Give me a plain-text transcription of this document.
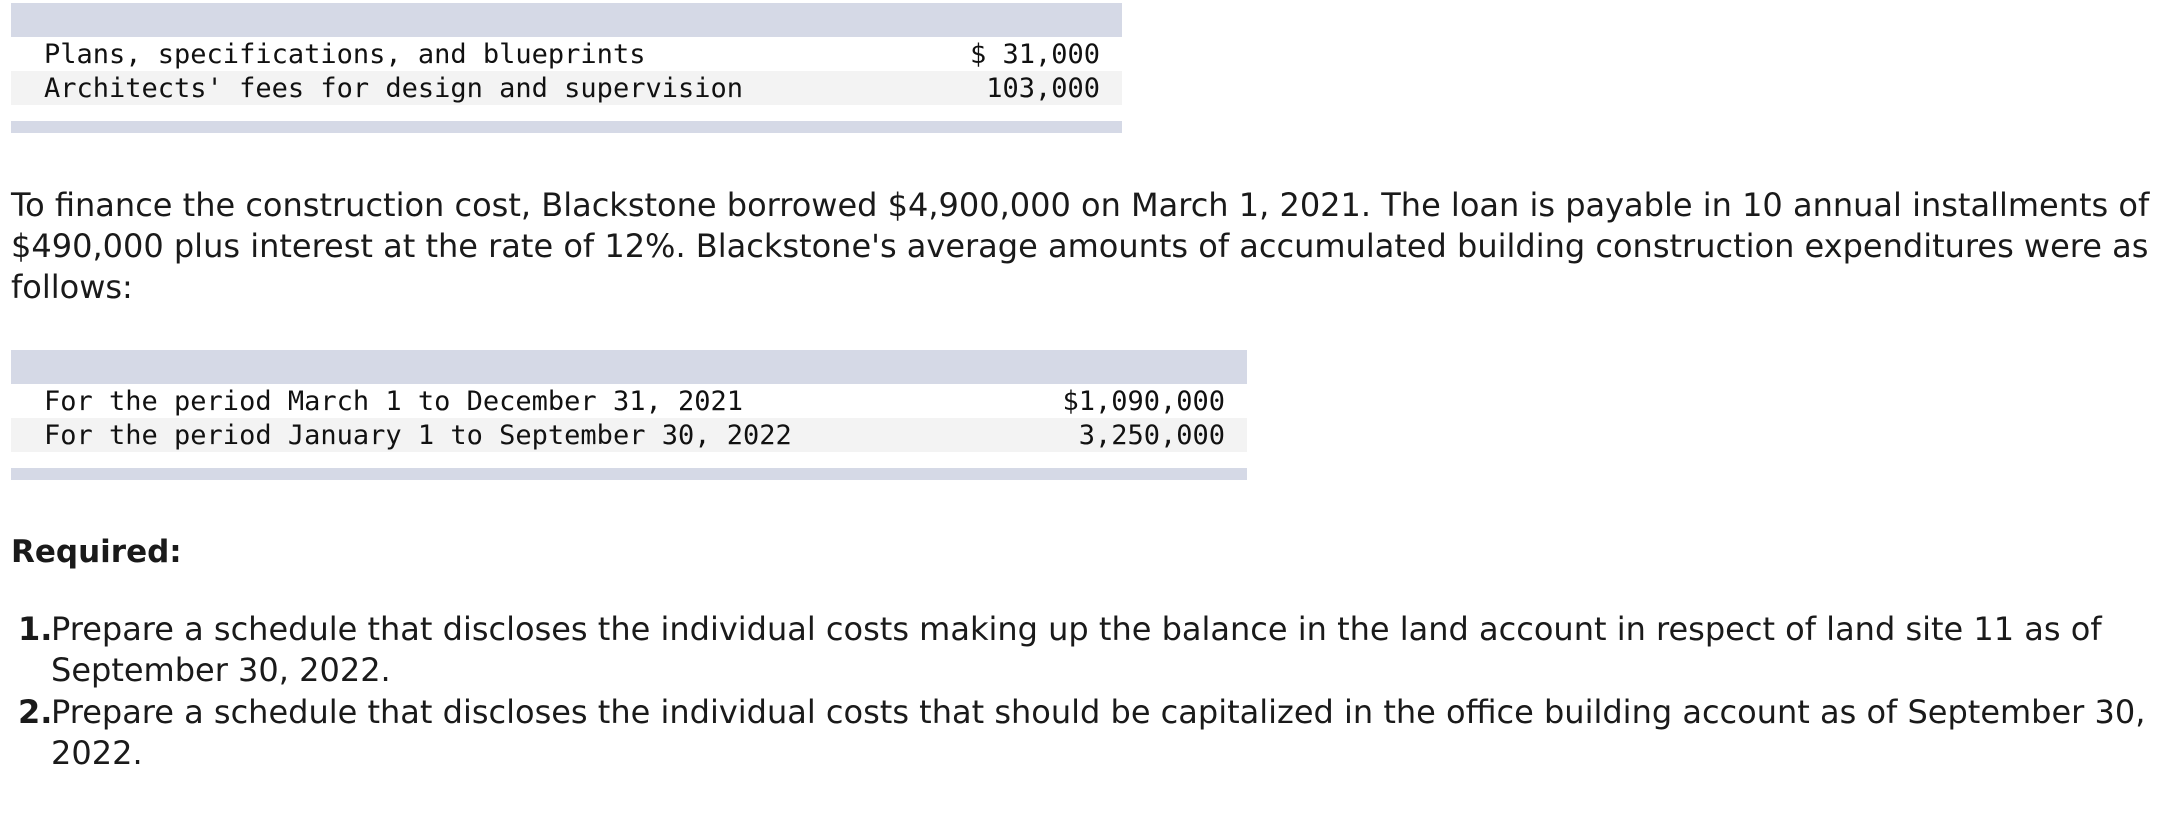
Plans, specifications, and blueprints	$ 31,000
Architects' fees for design and supervision	103,000

To finance the construction cost, Blackstone borrowed $4,900,000 on March 1, 2021. The loan is payable in 10 annual installments of $490,000 plus interest at the rate of 12%. Blackstone's average amounts of accumulated building construction expenditures were as follows:

For the period March 1 to December 31, 2021	$1,090,000
For the period January 1 to September 30, 2022	3,250,000

Required:

1.
Prepare a schedule that discloses the individual costs making up the balance in the land account in respect of land site 11 as of September 30, 2022.
2.
Prepare a schedule that discloses the individual costs that should be capitalized in the office building account as of September 30, 2022.
